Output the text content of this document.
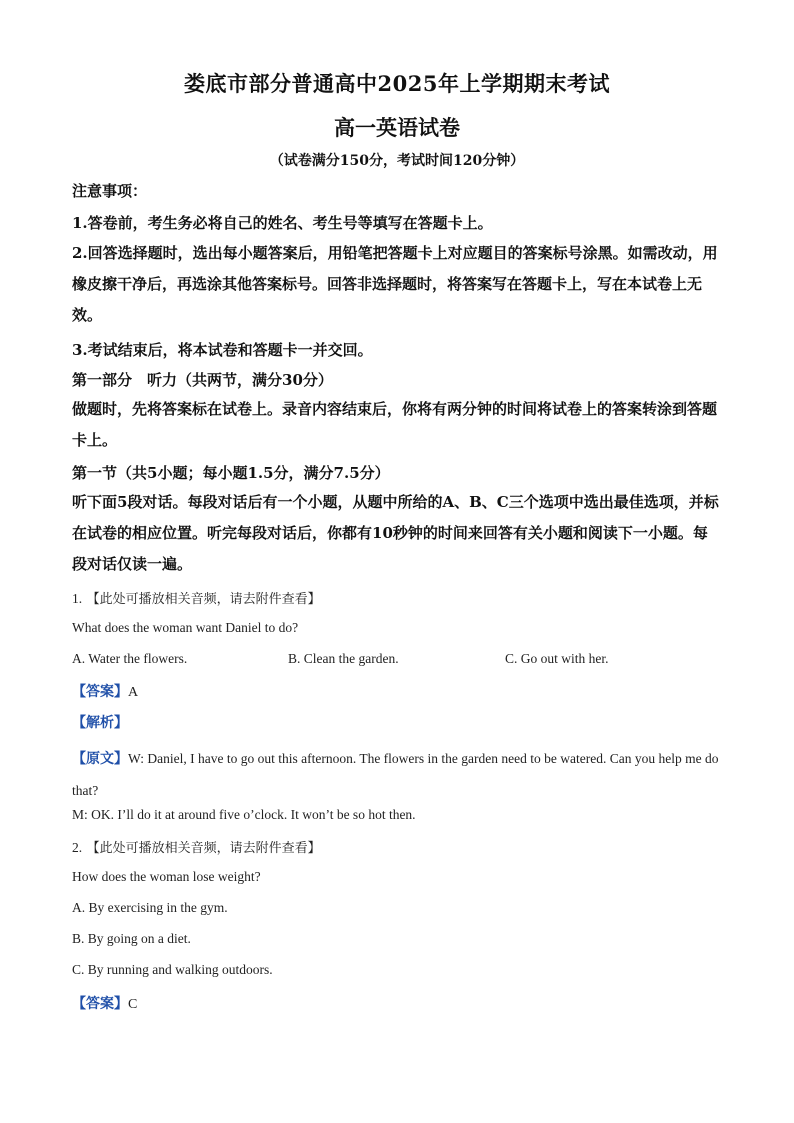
娄底市部分普通高中2025年上学期期末考试
高一英语试卷
（试卷满分150分，考试时间120分钟）
注意事项：
1.答卷前，考生务必将自己的姓名、考生号等填写在答题卡上。
2.回答选择题时，选出每小题答案后，用铅笔把答题卡上对应题目的答案标号涂黑。如需改动，用橡皮擦干净后，再选涂其他答案标号。回答非选择题时，将答案写在答题卡上，写在本试卷上无效。
3.考试结束后，将本试卷和答题卡一并交回。
第一部分　听力（共两节，满分30分）
做题时，先将答案标在试卷上。录音内容结束后，你将有两分钟的时间将试卷上的答案转涂到答题卡上。
第一节（共5小题；每小题1.5分，满分7.5分）
听下面5段对话。每段对话后有一个小题，从题中所给的A、B、C三个选项中选出最佳选项，并标在试卷的相应位置。听完每段对话后，你都有10秒钟的时间来回答有关小题和阅读下一小题。每段对话仅读一遍。
1. 【此处可播放相关音频，请去附件查看】
What does the woman want Daniel to do?
A. Water the flowers.	B. Clean the garden.	C. Go out with her.
【答案】A
【解析】
【原文】W: Daniel, I have to go out this afternoon. The flowers in the garden need to be watered. Can you help me do that?
M: OK. I’ll do it at around five o’clock. It won’t be so hot then.
2. 【此处可播放相关音频，请去附件查看】
How does the woman lose weight?
A. By exercising in the gym.
B. By going on a diet.
C. By running and walking outdoors.
【答案】C
